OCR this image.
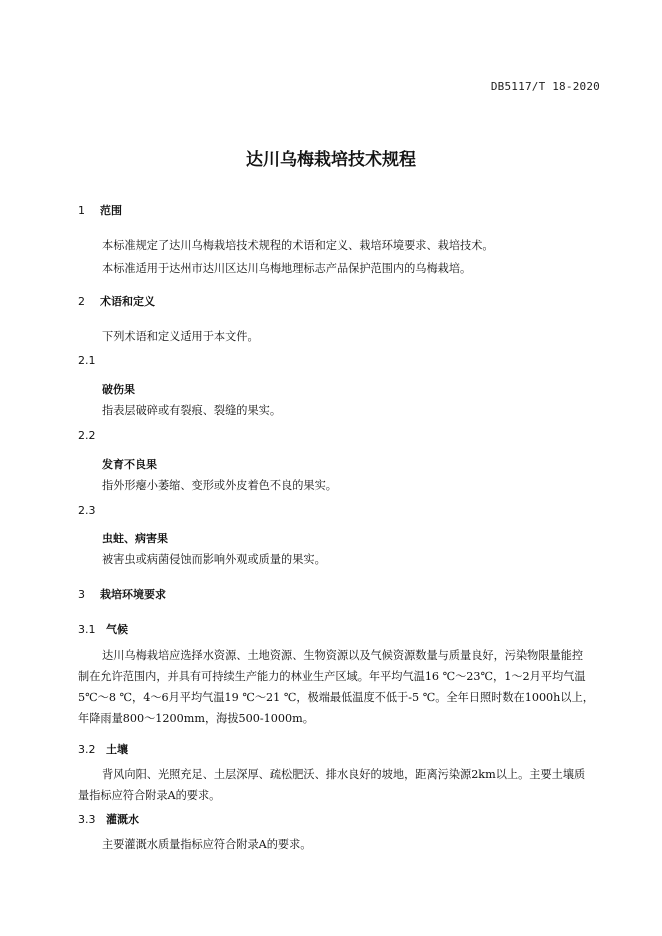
DB5117/T 18-2020
达川乌梅栽培技术规程
1 范围
本标准规定了达川乌梅栽培技术规程的术语和定义、栽培环境要求、栽培技术。
本标准适用于达州市达川区达川乌梅地理标志产品保护范围内的乌梅栽培。
2 术语和定义
下列术语和定义适用于本文件。
2.1
破伤果
指表层破碎或有裂痕、裂缝的果实。
2.2
发育不良果
指外形瘪小萎缩、变形或外皮着色不良的果实。
2.3
虫蛀、病害果
被害虫或病菌侵蚀而影响外观或质量的果实。
3 栽培环境要求
3.1 气候
达川乌梅栽培应选择水资源、土地资源、生物资源以及气候资源数量与质量良好，污染物限量能控
制在允许范围内，并具有可持续生产能力的林业生产区域。年平均气温16 ℃～23℃，1～2月平均气温
5℃～8 ℃，4～6月平均气温19 ℃～21 ℃，极端最低温度不低于-5 ℃。全年日照时数在1000h以上，
年降雨量800～1200mm，海拔500-1000m。
3.2 土壤
背风向阳、光照充足、土层深厚、疏松肥沃、排水良好的坡地，距离污染源2km以上。主要土壤质
量指标应符合附录A的要求。
3.3 灌溉水
主要灌溉水质量指标应符合附录A的要求。
